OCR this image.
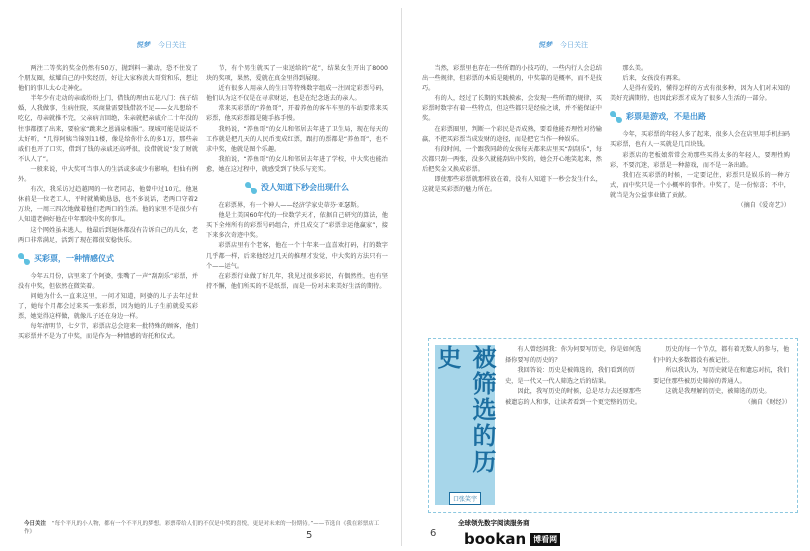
悦梦 今日关注

两注二等奖的奖金仍然有50万，抛到料一激动，恐不住发了个朋友圈，炫耀自己的中奖经历，好让大家称羡大哥赏和乐，想让他们的事儿太心走神化。

半年少有走动的亲戚纷纷上门，借钱的理由五花八门：孩子结婚，人我做事，生病住院，买商量需要钱借款不足——女儿想给不吃亿，母亲就推不完，父亲病言回绝，朱亲就把亲戚介二十年没的往事都摆了出来，要验家“跳来之恩涌泉相报”。现城可能是说话不太好听，“几得阿姨当锦别11楼，像是给你什么的多1万，那些亲戚们也开了口实，借到了钱的亲戚还高呼很，没借就说“发了财就不认人了”。

一般来说，中大奖可当事人的生活或多或少有影响，但仙有例外。

有次，我采访过趋越网的一位老同志，他曾中过10元，他退休前是一位老工人，平时就勤勤恳恳，也不多说话，老两口守着2万块，一周三四次地做着他们老两口的生活。他的家里不是很少有人知道老俩好他在中年那段中奖的事儿。

这个网姓虽未逃人，他最后到退休都没有告诉自己的儿女，老两口非常满足，活到了现在都很安稳快乐。

买彩票，一种情感仪式

今年五月份，店里来了个阿婆，张嘴了一声“刮刮乐”彩票，并没有中奖，但依然在微笑着。

问她为什么一直来这里，一问才知道，阿婆的儿子去年过世了，她每个月都会过来买一张彩票，因为她的儿子生前就爱买彩票，她觉得这样做，就像儿子还在身边一样。

每年清明节，七夕节，彩票店总会迎来一批特殊的顾客，他们买彩票并不是为了中奖，而是作为一种情感的寄托和仪式。

节，有个男生就买了一束送给的“花”，结果女生开出了8000块的奖项，果然，爱就在真金里得到展现。

近有很多人用亲人的生日等特殊数字组成一注固定彩票号码，他们认为这不仅是在寻求财运，也是在纪念逝去的亲人。

常来买彩票的“养鱼哥”，开着养鱼的客车车里的车站要常来买彩票，他买彩票都是随手拣手慢。

我妈说，“养鱼哥”的女儿和邻居去年进了卫生局，现在每天的工作就是把几天的人民币变成红票，跟打的票都是“养鱼哥”，也不求中奖，他就是图个乐趣。

我拍说，“养鱼哥”的女儿和邻居去年进了学校，中大奖也能治愈，她在这过程中，就感受到了快乐与充实。

没人知道下秒会出现什么

在彩票界，有一个神人——经济学家史蒂芬·亚瑟斯。

他是土美国60年代的一位数学天才，依据自己研究的算法，他买下全州所有的彩票号码组合，并且成交了“彩票幸运他赢家”，接下来多次奇迹中奖。

彩票店里有个老客，他在一个十年来一直喜欢打码，打的数字几乎都一样，后来他经过几天的推理才发觉，中大奖的方法只有一个——运气。

在彩票行业做了好几年，我见过很多彩民，有偶然性，也有坚持不懈，他们所买的不是纸票，而是一份对未来美好生活的期待。

今日关注 “每个平凡的小人物，都有一个不平凡的梦想。彩票带给人们的不仅是中奖的喜悦，更是对未来的一份期待。”——节选自《我在彩票店工作》	5
悦梦 今日关注

当然，彩票里也存在一些所谓的小技巧的，一些内行人会总结出一些规律，但彩票的本质是随机的，中奖靠的是概率，而不是技巧。

有的人，经过了长期的实践摸索，会发现一些所谓的规律，买彩票时数字有着一些特点，但这些都只是经验之谈，并不能保证中奖。

在彩票圈里，判断一个彩民是否成熟，要看他能否理性对待输赢，不把买彩票当成发财的途径，而是把它当作一种娱乐。

有段时间，一个跟我同龄的女孩每天都来店里买“刮刮乐”，每次都只刮一两张，没多久就能刮出中奖的，她会开心地笑起来，然后把奖金又换成彩票。

即使那些彩票就那样放在着，没有人知道下一秒会发生什么，这就是买彩票的魅力所在。

那么美。

后来，女孩没有再来。

人是得有爱的，懂得怎样的方式有很多种，因为人们对未知的美好充满期待，也因此彩票才成为了很多人生活的一部分。

彩票是游戏，不是出路

今年，买彩票的年轻人多了起来，很多人会在店里用手机扫码买彩票，也有人一买就是几百块钱。

彩票店的老板娘常常会劝那些买得太多的年轻人，要理性购彩，不要沉迷，彩票是一种游戏，而不是一条出路。

我们在买彩票的时候，一定要记住，彩票只是娱乐的一种方式，而中奖只是一个小概率的事件。中奖了，是一份惊喜；不中，就当是为公益事业做了贡献。

（摘自《爱奇艺》）

被筛选的历史
口张笑宇

有人曾经问我：你为何要写历史，你是如何选择你要写的历史的？

我回答说：历史是被筛选的，我们看到的历史，是一代又一代人筛选之后的结果。

因此，我写历史的时候，总是尽力去还原那些被遗忘的人和事，让读者看到一个更完整的历史。

历史的每一个节点，都有着无数人的参与，他们中的大多数都没有被记住。

所以我认为，写历史就是在和遗忘对抗，我们要记住那些被历史筛掉的普通人。

这就是我理解的历史，被筛选的历史。

（摘自《财经》）

6
全球领先数字阅读服务商
bookan 博看网
